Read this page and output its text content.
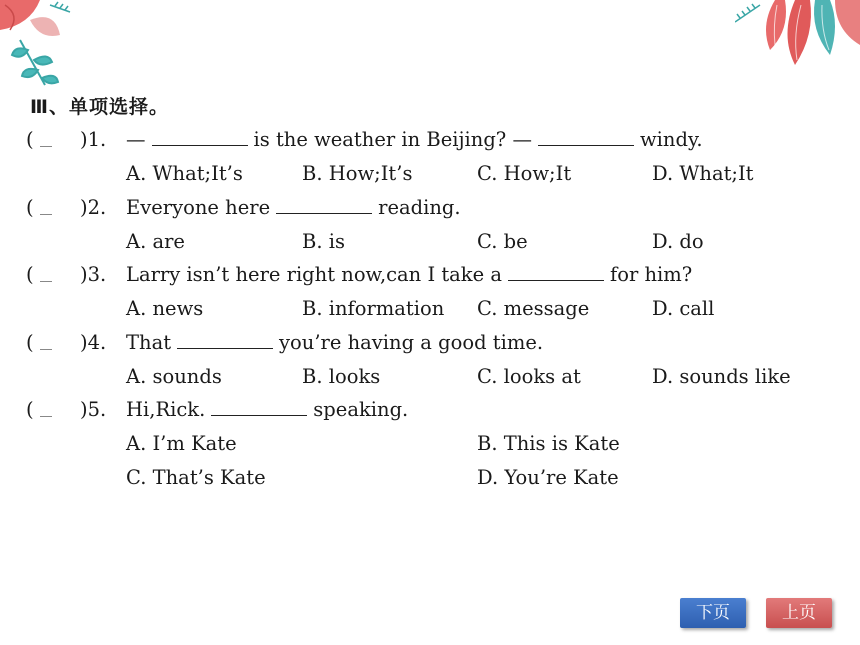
Ⅲ、单项选择。
(	)1. —	is the weather in Beijing? —	windy.
A. What;It’s	B. How;It’s	C. How;It	D. What;It
(	)2. Everyone here	reading.
A. are	B. is	C. be	D. do
(	)3. Larry isn’t here right now,can I take a	for him?
A. news	B. information C. message	D. call
(	)4. That	you’re having a good time.
A. sounds	B. looks	C. looks at	D. sounds like
(	)5. Hi,Rick.	speaking.
A. I’m Kate	B. This is Kate
C. That’s Kate	D. You’re Kate
下页	上页
